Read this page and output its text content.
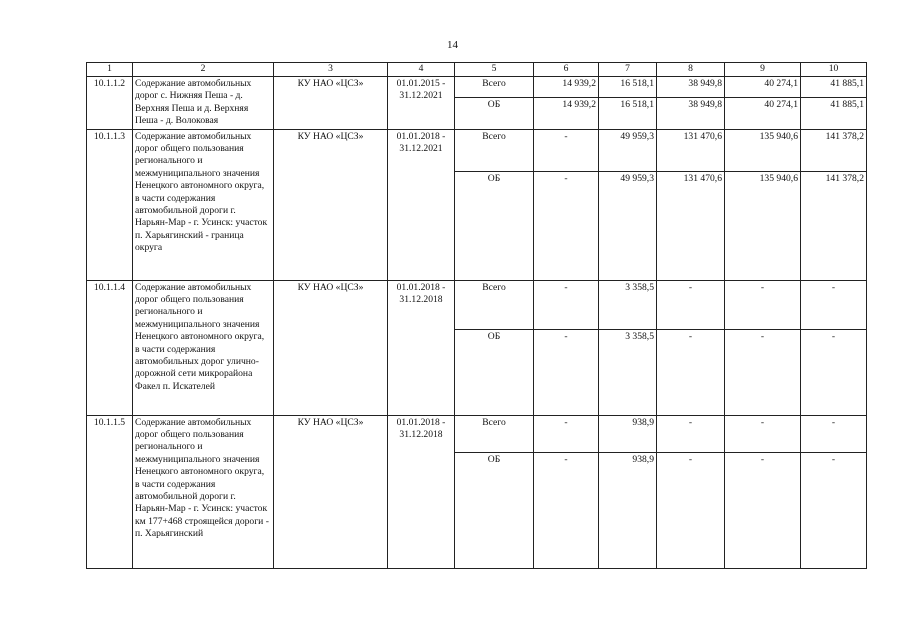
14
1	2	3	4	5	6	7	8	9	10
10.1.1.2	Содержание автомобильных дорог с. Нижняя Пеша - д. Верхняя Пеша и д. Верхняя Пеша - д. Волоковая	КУ НАО «ЦСЗ»	01.01.2015 - 31.12.2021	Всего	14 939,2	16 518,1	38 949,8	40 274,1	41 885,1
				ОБ	14 939,2	16 518,1	38 949,8	40 274,1	41 885,1
10.1.1.3	Содержание автомобильных дорог общего пользования регионального и межмуниципального значения Ненецкого автономного округа, в части содержания автомобильной дороги г. Нарьян-Мар - г. Усинск: участок п. Харьягинский - граница округа	КУ НАО «ЦСЗ»	01.01.2018 - 31.12.2021	Всего	-	49 959,3	131 470,6	135 940,6	141 378,2
				ОБ	-	49 959,3	131 470,6	135 940,6	141 378,2
10.1.1.4	Содержание автомобильных дорог общего пользования регионального и межмуниципального значения Ненецкого автономного округа, в части содержания автомобильных дорог улично-дорожной сети микрорайона Факел п. Искателей	КУ НАО «ЦСЗ»	01.01.2018 - 31.12.2018	Всего	-	3 358,5	-	-	-
				ОБ	-	3 358,5	-	-	-
10.1.1.5	Содержание автомобильных дорог общего пользования регионального и межмуниципального значения Ненецкого автономного округа, в части содержания автомобильной дороги г. Нарьян-Мар - г. Усинск: участок км 177+468 строящейся дороги - п. Харьягинский	КУ НАО «ЦСЗ»	01.01.2018 - 31.12.2018	Всего	-	938,9	-	-	-
				ОБ	-	938,9	-	-	-
